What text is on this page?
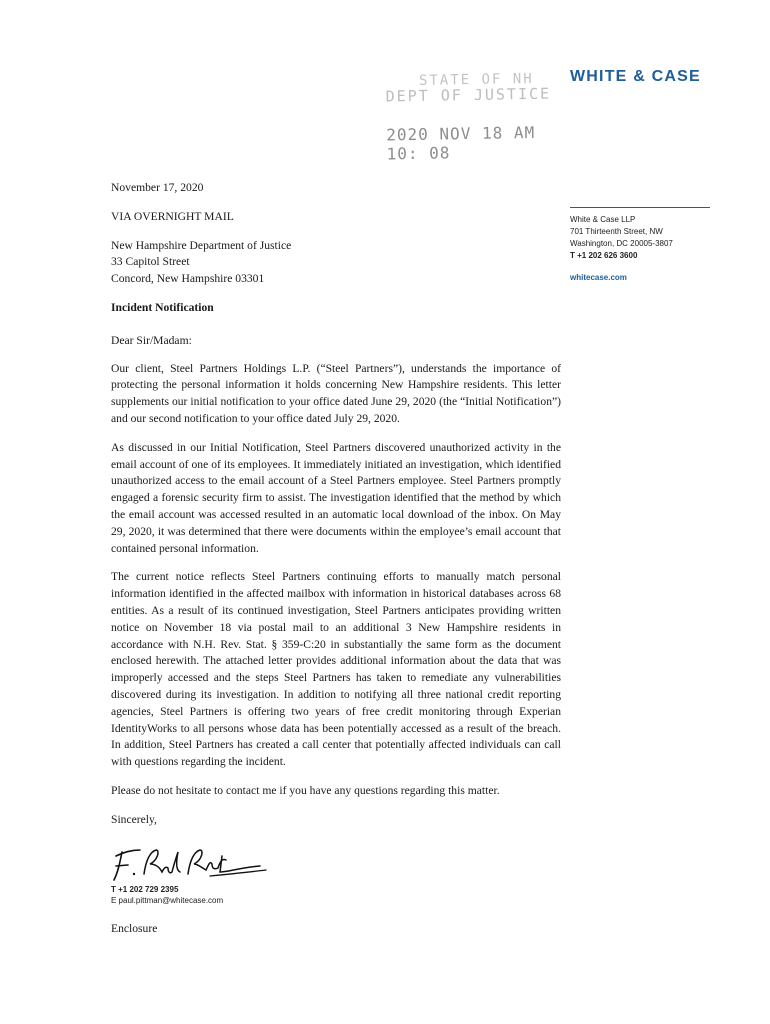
STATE OF NH
DEPT OF JUSTICE
2020 NOV 18 AM 10: 08
WHITE & CASE
White & Case LLP
701 Thirteenth Street, NW
Washington, DC 20005-3807
T +1 202 626 3600
whitecase.com

November 17, 2020

VIA OVERNIGHT MAIL

New Hampshire Department of Justice
33 Capitol Street
Concord, New Hampshire 03301

Incident Notification

Dear Sir/Madam:

Our client, Steel Partners Holdings L.P. (“Steel Partners”), understands the importance of protecting the personal information it holds concerning New Hampshire residents. This letter supplements our initial notification to your office dated June 29, 2020 (the “Initial Notification”) and our second notification to your office dated July 29, 2020.

As discussed in our Initial Notification, Steel Partners discovered unauthorized activity in the email account of one of its employees. It immediately initiated an investigation, which identified unauthorized access to the email account of a Steel Partners employee. Steel Partners promptly engaged a forensic security firm to assist. The investigation identified that the method by which the email account was accessed resulted in an automatic local download of the inbox. On May 29, 2020, it was determined that there were documents within the employee’s email account that contained personal information.

The current notice reflects Steel Partners continuing efforts to manually match personal information identified in the affected mailbox with information in historical databases across 68 entities. As a result of its continued investigation, Steel Partners anticipates providing written notice on November 18 via postal mail to an additional 3 New Hampshire residents in accordance with N.H. Rev. Stat. § 359-C:20 in substantially the same form as the document enclosed herewith. The attached letter provides additional information about the data that was improperly accessed and the steps Steel Partners has taken to remediate any vulnerabilities discovered during its investigation. In addition to notifying all three national credit reporting agencies, Steel Partners is offering two years of free credit monitoring through Experian IdentityWorks to all persons whose data has been potentially accessed as a result of the breach. In addition, Steel Partners has created a call center that potentially affected individuals can call with questions regarding the incident.

Please do not hesitate to contact me if you have any questions regarding this matter.

Sincerely,

T +1 202 729 2395
E paul.pittman@whitecase.com
Enclosure
